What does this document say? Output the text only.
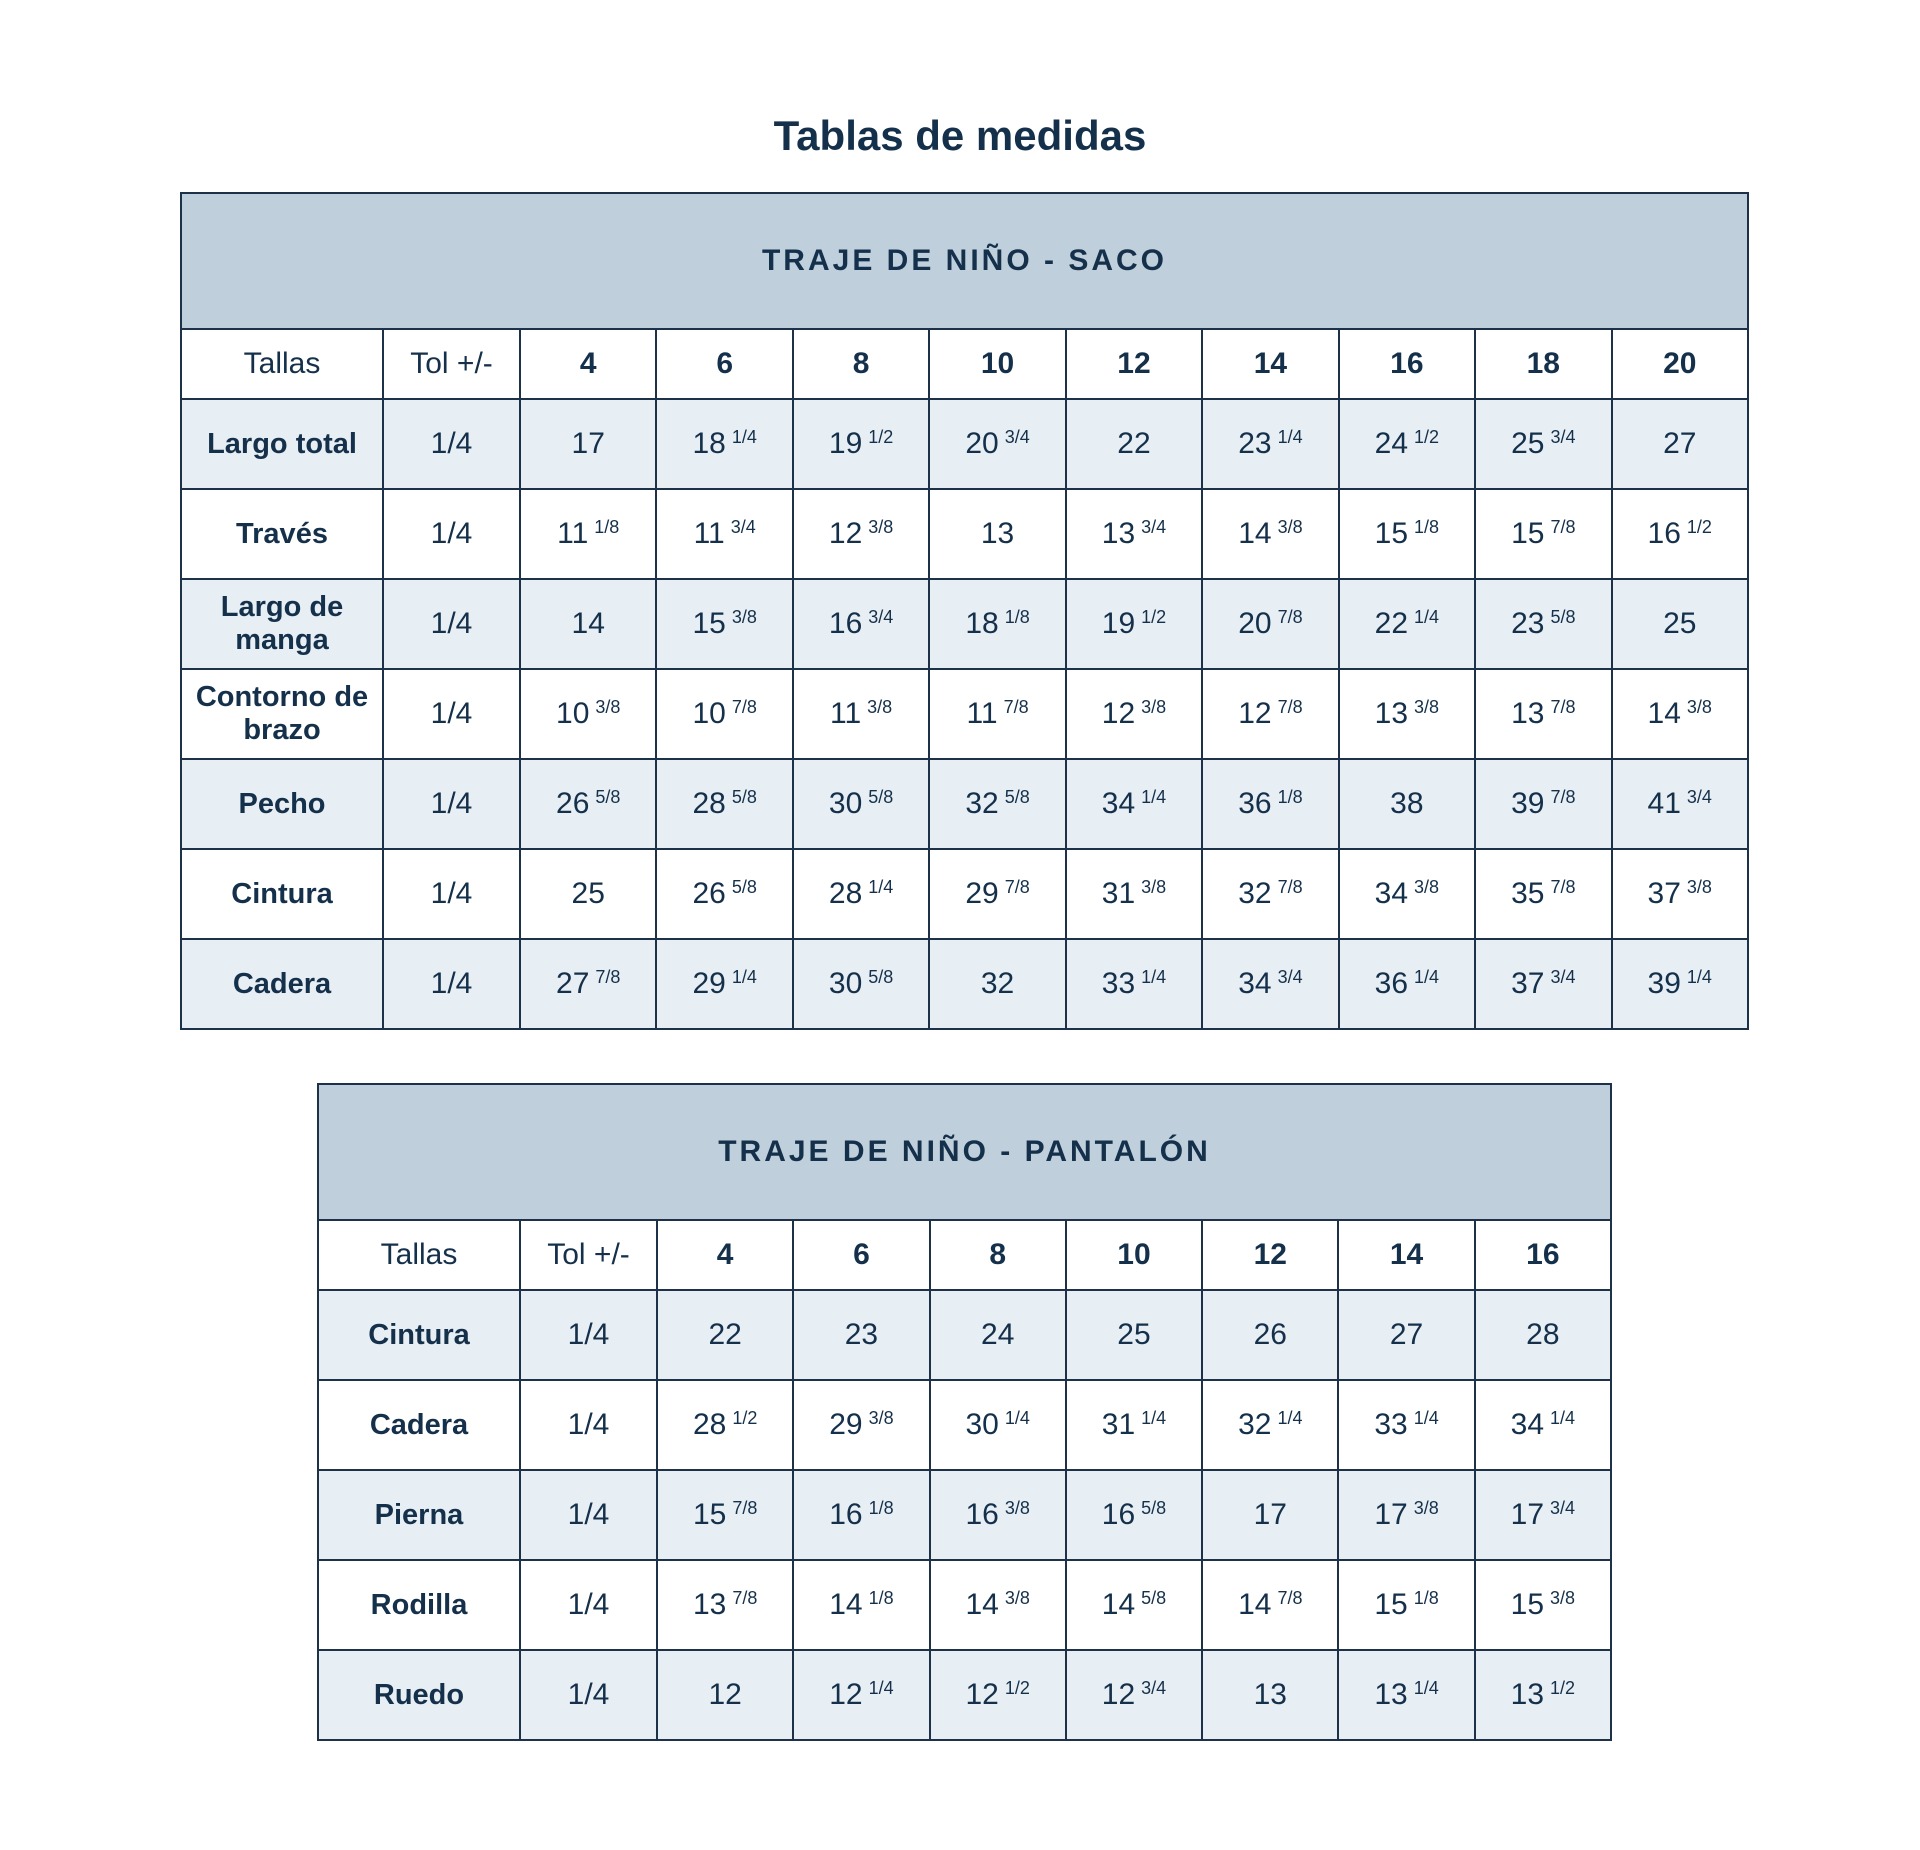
Tablas de medidas
TRAJE DE NIÑO - SACO										
Tallas	Tol +/-	4	6	8	10	12	14	16	18	20
Largo total	1/4	17	18 $^{1/4}$	19 $^{1/2}$	20 $^{3/4}$	22	23 $^{1/4}$	24 $^{1/2}$	25 $^{3/4}$	27
Través	1/4	11 $^{1/8}$	11 $^{3/4}$	12 $^{3/8}$	13	13 $^{3/4}$	14 $^{3/8}$	15 $^{1/8}$	15 $^{7/8}$	16 $^{1/2}$
Largo de manga	1/4	14	15 $^{3/8}$	16 $^{3/4}$	18 $^{1/8}$	19 $^{1/2}$	20 $^{7/8}$	22 $^{1/4}$	23 $^{5/8}$	25
Contorno de brazo	1/4	10 $^{3/8}$	10 $^{7/8}$	11 $^{3/8}$	11 $^{7/8}$	12 $^{3/8}$	12 $^{7/8}$	13 $^{3/8}$	13 $^{7/8}$	14 $^{3/8}$
Pecho	1/4	26 $^{5/8}$	28 $^{5/8}$	30 $^{5/8}$	32 $^{5/8}$	34 $^{1/4}$	36 $^{1/8}$	38	39 $^{7/8}$	41 $^{3/4}$
Cintura	1/4	25	26 $^{5/8}$	28 $^{1/4}$	29 $^{7/8}$	31 $^{3/8}$	32 $^{7/8}$	34 $^{3/8}$	35 $^{7/8}$	37 $^{3/8}$
Cadera	1/4	27 $^{7/8}$	29 $^{1/4}$	30 $^{5/8}$	32	33 $^{1/4}$	34 $^{3/4}$	36 $^{1/4}$	37 $^{3/4}$	39 $^{1/4}$
TRAJE DE NIÑO - PANTALÓN								
Tallas	Tol +/-	4	6	8	10	12	14	16
Cintura	1/4	22	23	24	25	26	27	28
Cadera	1/4	28 $^{1/2}$	29 $^{3/8}$	30 $^{1/4}$	31 $^{1/4}$	32 $^{1/4}$	33 $^{1/4}$	34 $^{1/4}$
Pierna	1/4	15 $^{7/8}$	16 $^{1/8}$	16 $^{3/8}$	16 $^{5/8}$	17	17 $^{3/8}$	17 $^{3/4}$
Rodilla	1/4	13 $^{7/8}$	14 $^{1/8}$	14 $^{3/8}$	14 $^{5/8}$	14 $^{7/8}$	15 $^{1/8}$	15 $^{3/8}$
Ruedo	1/4	12	12 $^{1/4}$	12 $^{1/2}$	12 $^{3/4}$	13	13 $^{1/4}$	13 $^{1/2}$
